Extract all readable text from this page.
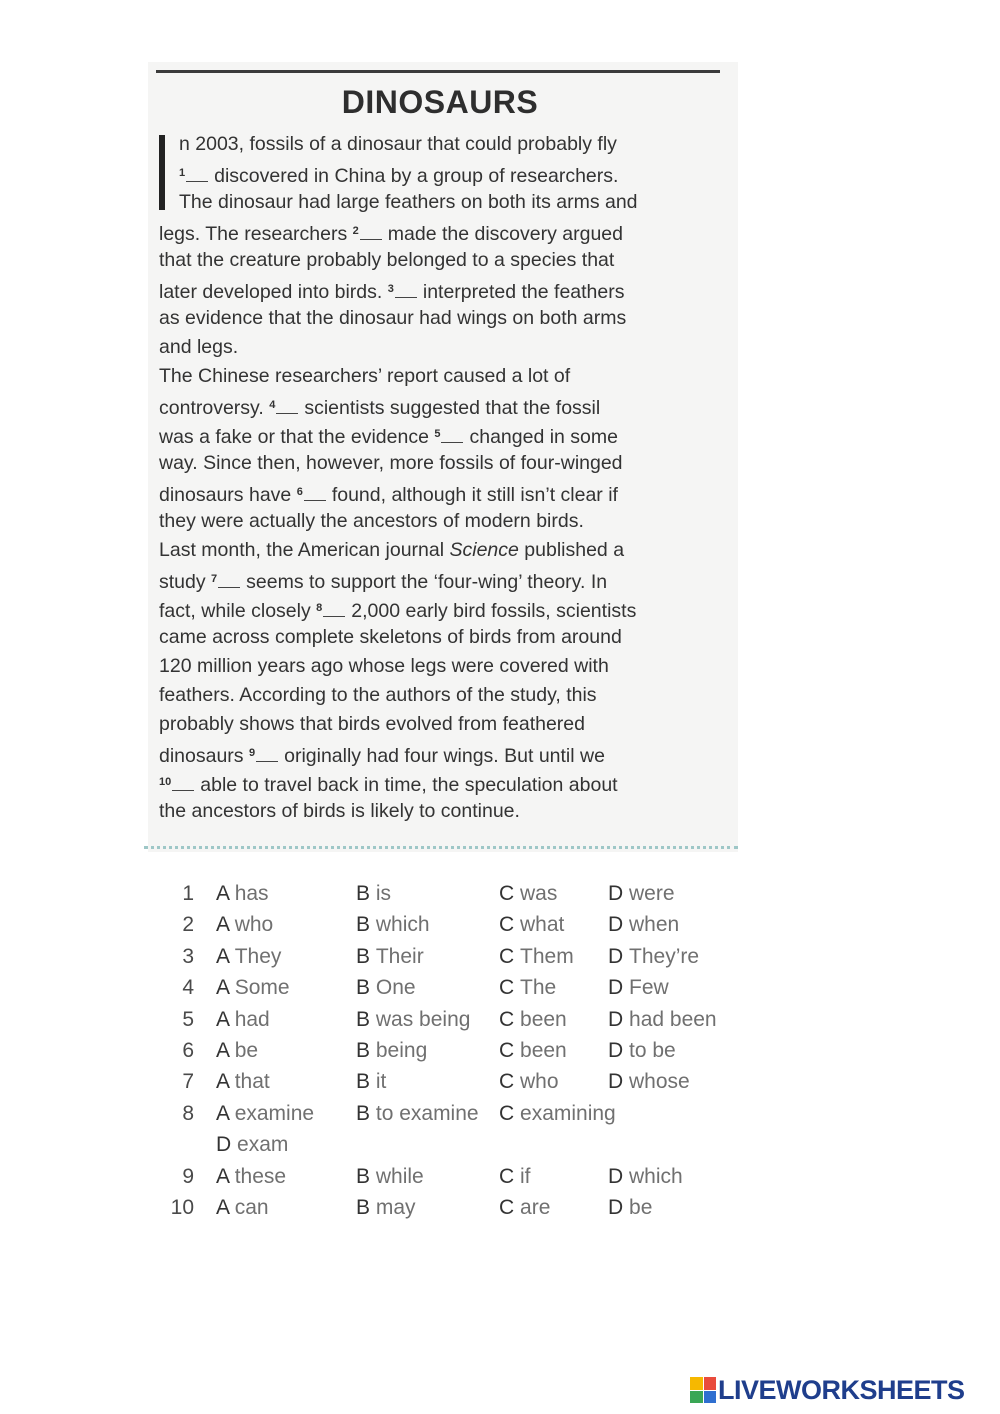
DINOSAURS
n 2003, fossils of a dinosaur that could probably fly
$^1$ discovered in China by a group of researchers.
The dinosaur had large feathers on both its arms and
legs. The researchers $^2$ made the discovery argued
that the creature probably belonged to a species that
later developed into birds. $^3$ interpreted the feathers
as evidence that the dinosaur had wings on both arms
and legs.
The Chinese researchers’ report caused a lot of
controversy. $^4$ scientists suggested that the fossil
was a fake or that the evidence $^5$ changed in some
way. Since then, however, more fossils of four-winged
dinosaurs have $^6$ found, although it still isn’t clear if
they were actually the ancestors of modern birds.
Last month, the American journal Science published a
study $^7$ seems to support the ‘four-wing’ theory. In
fact, while closely $^8$ 2,000 early bird fossils, scientists
came across complete skeletons of birds from around
120 million years ago whose legs were covered with
feathers. According to the authors of the study, this
probably shows that birds evolved from feathered
dinosaurs $^9$ originally had four wings. But until we
$^{10}$ able to travel back in time, the speculation about
the ancestors of birds is likely to continue.
1 A has	B is	C was D were
2 A who	B which	C what D when
3 A They	B Their	C Them D They’re
4 A Some	B One	C The D Few
5 A had	B was being C been D had been
6 A be	B being	C been D to be
7 A that	B it	C who D whose
8 A examine B to examine C examining
D exam
9 A these	B while	C if	D which
10 A can	B may	C are	D be
LIVEWORKSHEETS
